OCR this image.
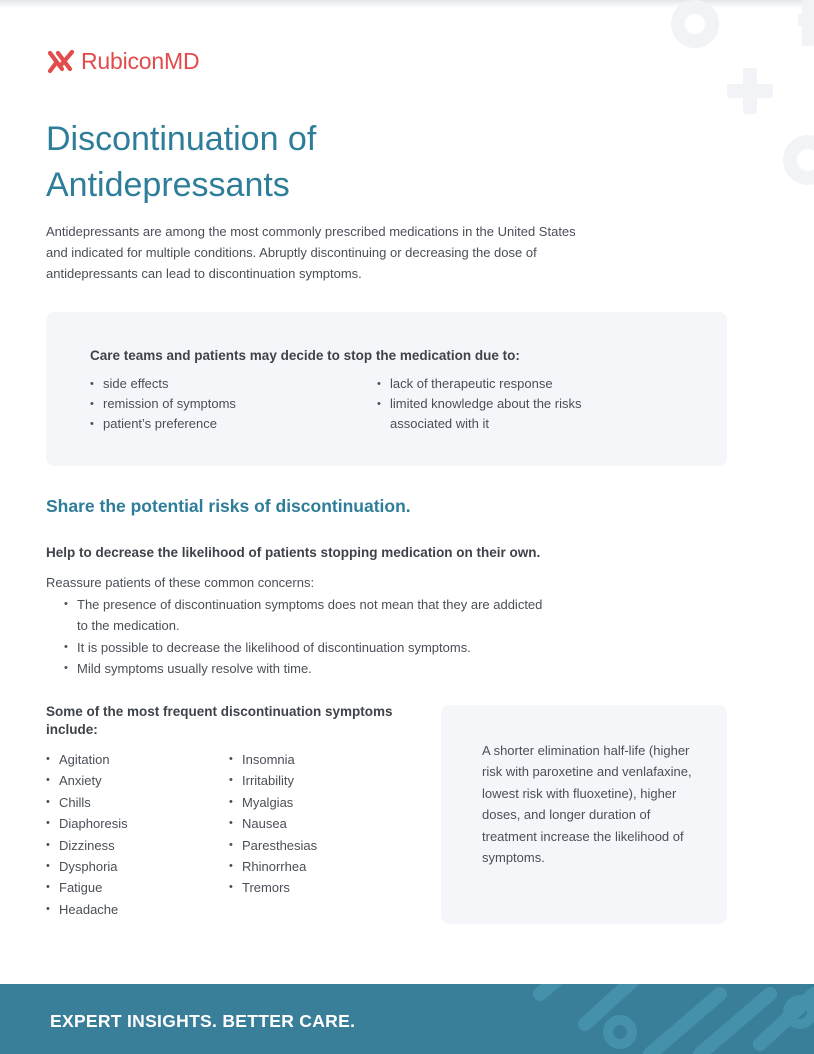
RubiconMD
Discontinuation of
Antidepressants

Antidepressants are among the most commonly prescribed medications in the United States and indicated for multiple conditions. Abruptly discontinuing or decreasing the dose of antidepressants can lead to discontinuation symptoms.

Care teams and patients may decide to stop the medication due to:
• side effects
• remission of symptoms
• patient’s preference
• lack of therapeutic response
• limited knowledge about the risks associated with it
Share the potential risks of discontinuation.
Help to decrease the likelihood of patients stopping medication on their own.

Reassure patients of these common concerns:

• The presence of discontinuation symptoms does not mean that they are addicted to the medication.
• It is possible to decrease the likelihood of discontinuation symptoms.
• Mild symptoms usually resolve with time.
Some of the most frequent discontinuation symptoms include:
• Agitation
• Anxiety
• Chills
• Diaphoresis
• Dizziness
• Dysphoria
• Fatigue
• Headache
• Insomnia
• Irritability
• Myalgias
• Nausea
• Paresthesias
• Rhinorrhea
• Tremors

A shorter elimination half-life (higher risk with paroxetine and venlafaxine, lowest risk with fluoxetine), higher doses, and longer duration of treatment increase the likelihood of symptoms.

EXPERT INSIGHTS. BETTER CARE.
